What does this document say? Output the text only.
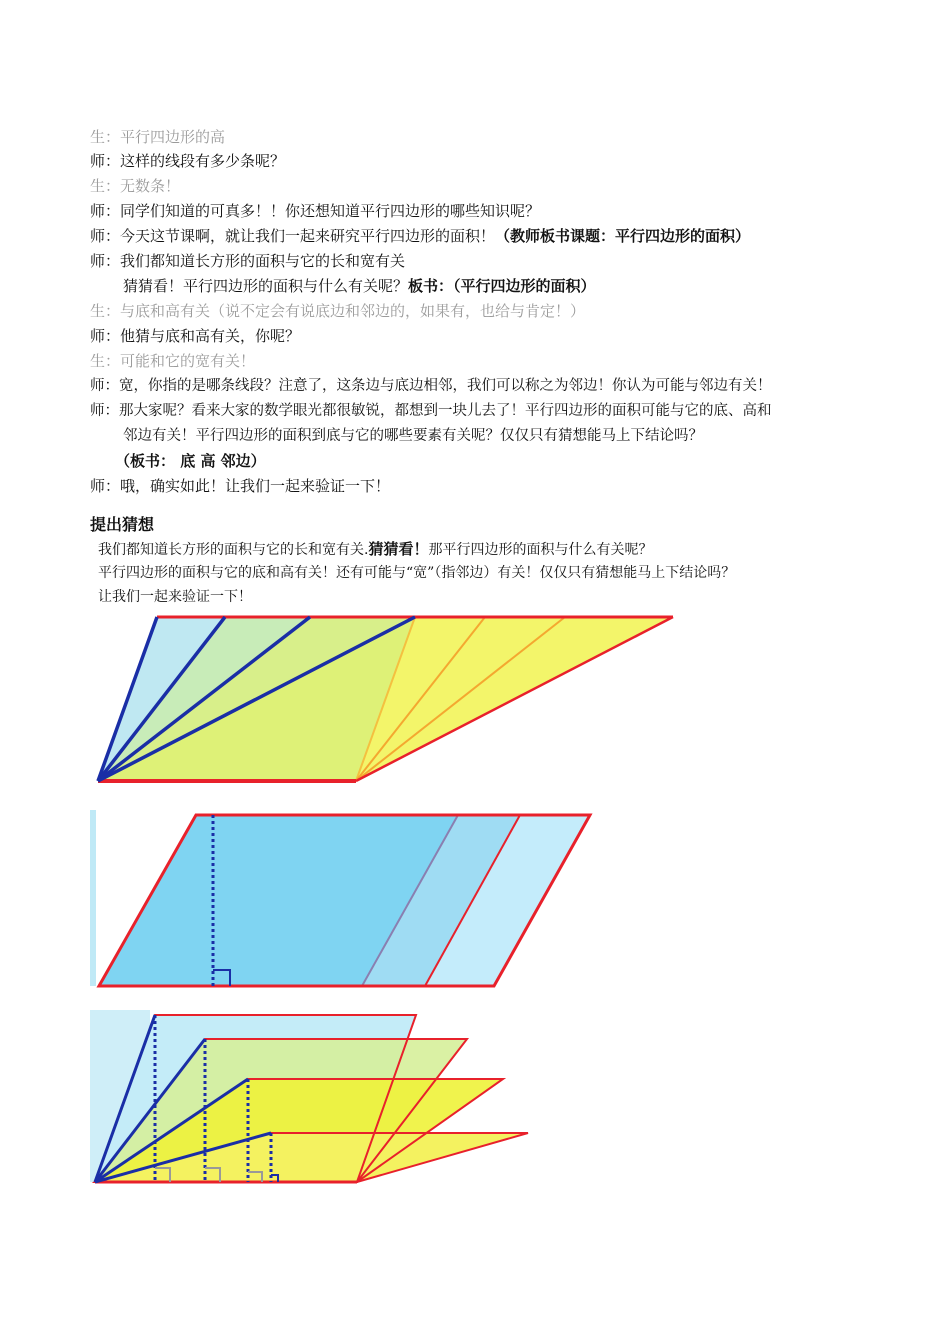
生：平行四边形的高
师：这样的线段有多少条呢？
生：无数条！
师：同学们知道的可真多！！你还想知道平行四边形的哪些知识呢？
师：今天这节课啊，就让我们一起来研究平行四边形的面积！（教师板书课题：平行四边形的面积）
师：我们都知道长方形的面积与它的长和宽有关
猜猜看！平行四边形的面积与什么有关呢？板书：（平行四边形的面积）
生：与底和高有关（说不定会有说底边和邻边的，如果有，也给与肯定！）
师：他猜与底和高有关，你呢？
生：可能和它的宽有关！
师：宽，你指的是哪条线段？注意了，这条边与底边相邻，我们可以称之为邻边！你认为可能与邻边有关！
师：那大家呢？看来大家的数学眼光都很敏锐，都想到一块儿去了！平行四边形的面积可能与它的底、高和
邻边有关！平行四边形的面积到底与它的哪些要素有关呢？仅仅只有猜想能马上下结论吗？
（板书： 底 高 邻边）
师：哦，确实如此！让我们一起来验证一下！
提出猜想
我们都知道长方形的面积与它的长和宽有关.猜猜看！那平行四边形的面积与什么有关呢？
平行四边形的面积与它的底和高有关！还有可能与“宽”（指邻边）有关！仅仅只有猜想能马上下结论吗？
让我们一起来验证一下！
